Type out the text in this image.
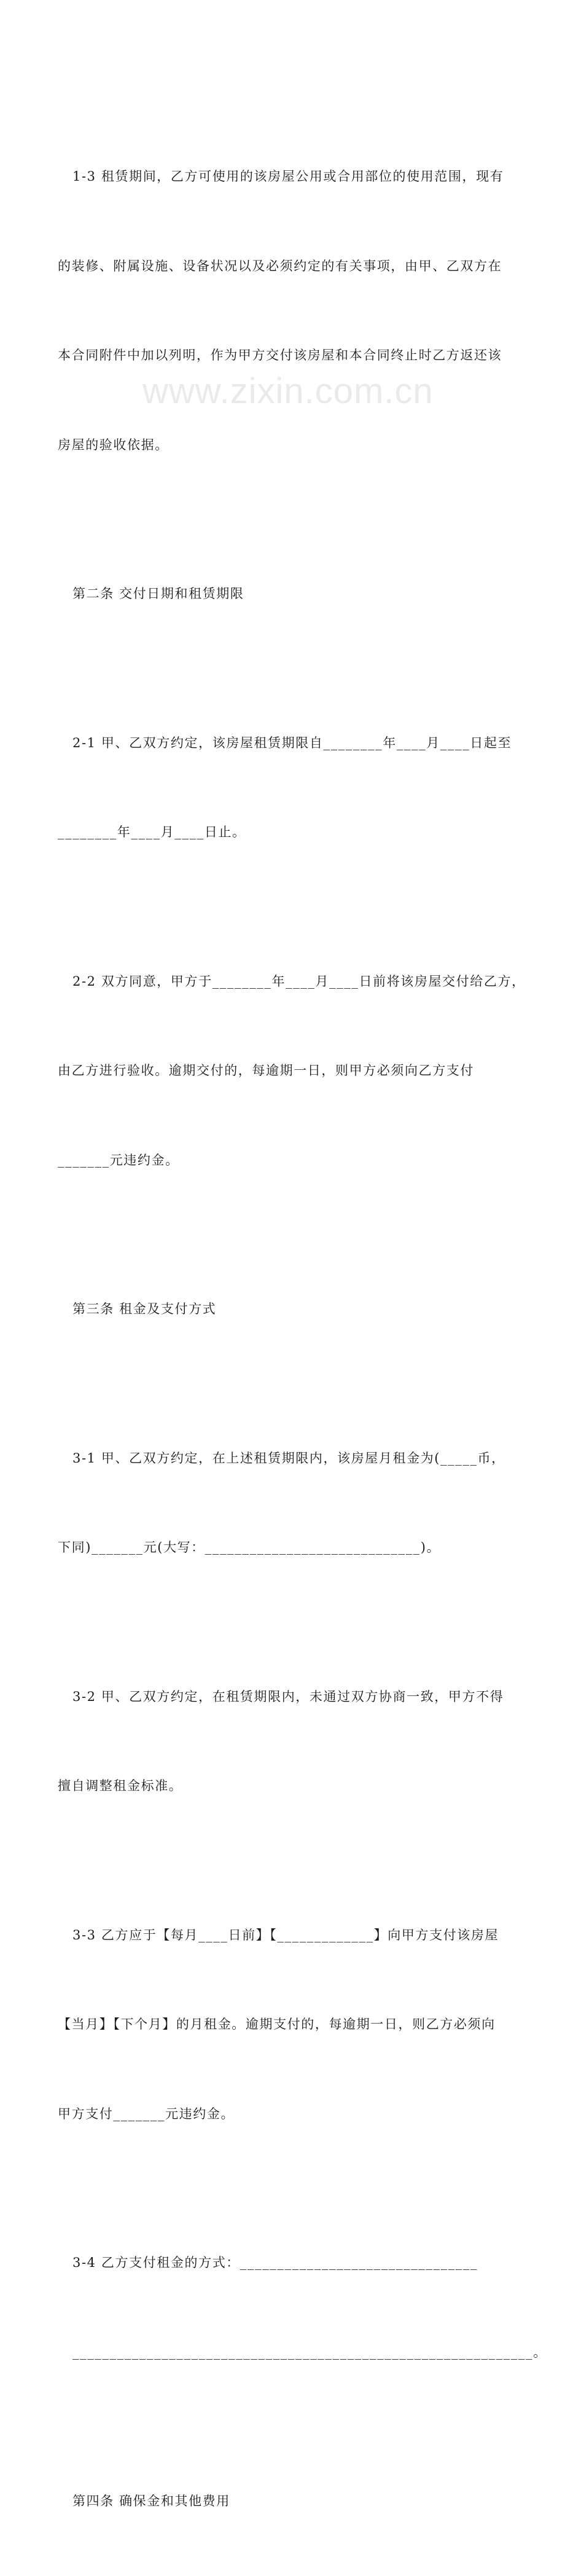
www.zixin.com.cn

1-3 租赁期间，乙方可使用的该房屋公用或合用部位的使用范围，现有

的装修、附属设施、设备状况以及必须约定的有关事项，由甲、乙双方在

本合同附件中加以列明，作为甲方交付该房屋和本合同终止时乙方返还该

房屋的验收依据。

第二条 交付日期和租赁期限

2-1 甲、乙双方约定，该房屋租赁期限自________年____月____日起至

________年____月____日止。

2-2 双方同意，甲方于________年____月____日前将该房屋交付给乙方，

由乙方进行验收。逾期交付的，每逾期一日，则甲方必须向乙方支付

_______元违约金。

第三条 租金及支付方式

3-1 甲、乙双方约定，在上述租赁期限内，该房屋月租金为(_____币，

下同)_______元(大写：_____________________________)。

3-2 甲、乙双方约定，在租赁期限内，未通过双方协商一致，甲方不得

擅自调整租金标准。

3-3 乙方应于【每月____日前】【_____________】向甲方支付该房屋

【当月】【下个月】的月租金。逾期支付的，每逾期一日，则乙方必须向

甲方支付_______元违约金。

3-4 乙方支付租金的方式：________________________________

______________________________________________________________。

第四条 确保金和其他费用
